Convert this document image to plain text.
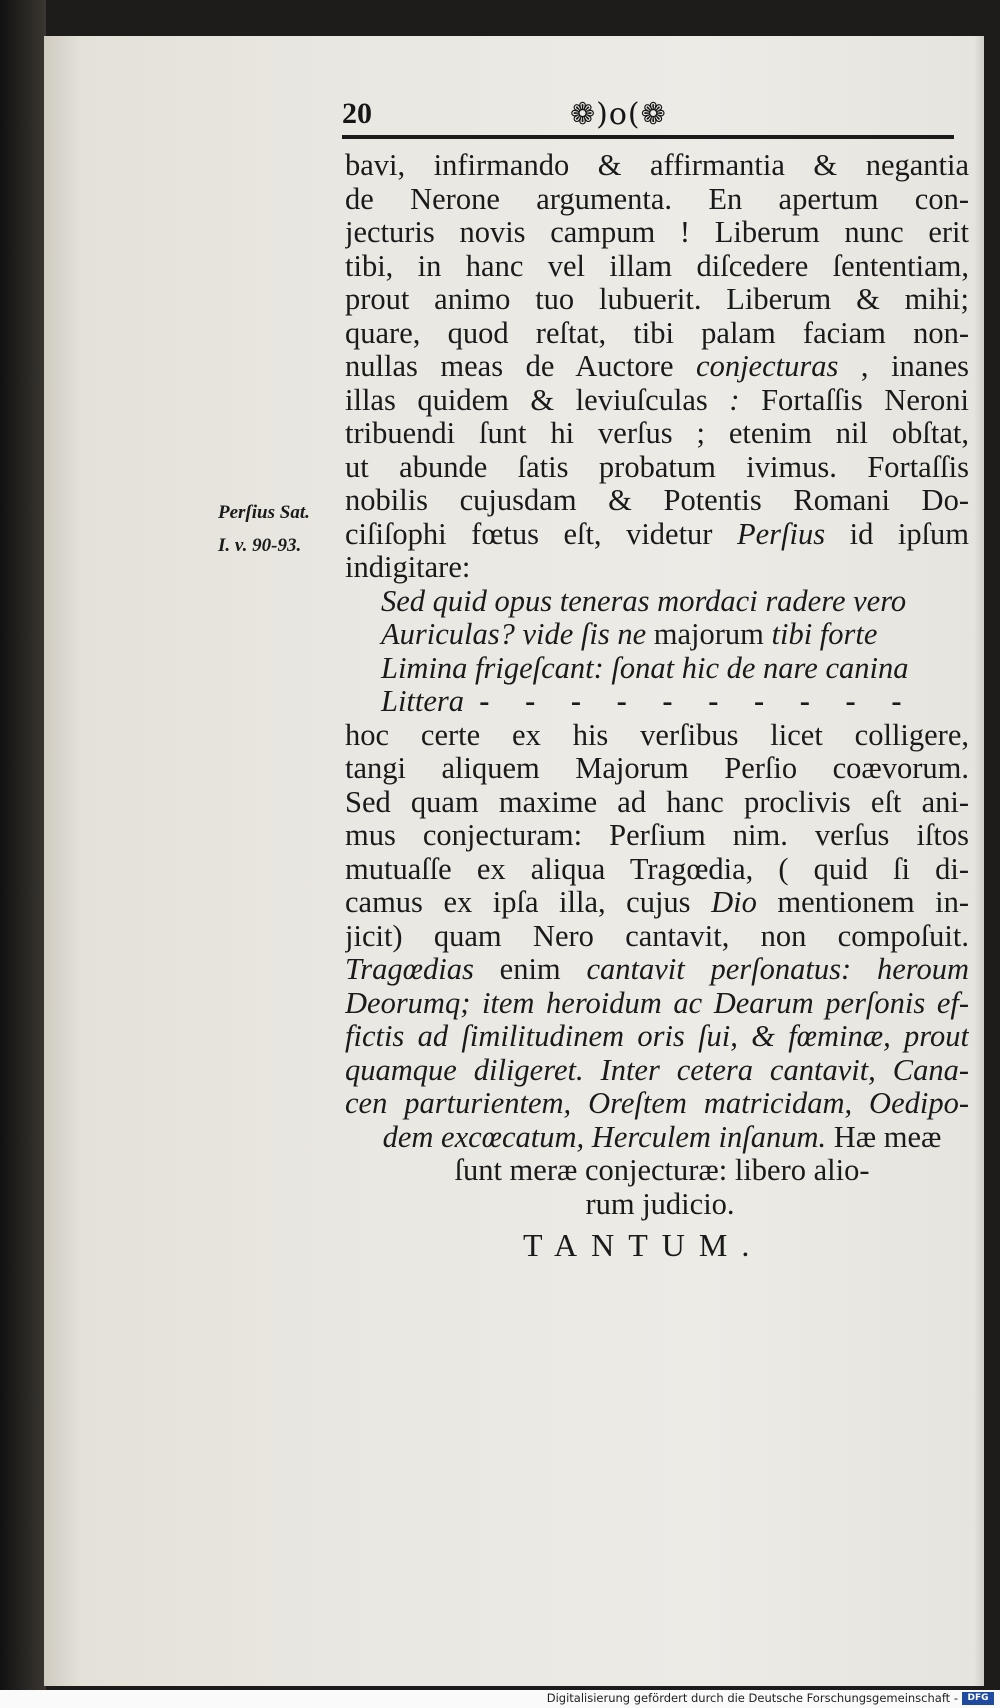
20	❁)o(❁
Perſius Sat.
I. v. 90-93.
bavi, infirmando & affirmantia & negantia
de Nerone argumenta. En apertum con-
jecturis novis campum ! Liberum nunc erit
tibi, in hanc vel illam diſcedere ſententiam,
prout animo tuo lubuerit. Liberum & mihi;
quare, quod reſtat, tibi palam faciam non-
nullas meas de Auctore conjecturas , inanes
illas quidem & leviuſculas : Fortaſſis Neroni
tribuendi ſunt hi verſus ; etenim nil obſtat,
ut abunde ſatis probatum ivimus. Fortaſſis
nobilis cujusdam & Potentis Romani Do-
ciſiſophi fœtus eſt, videtur Perſius id ipſum
indigitare:
Sed quid opus teneras mordaci radere vero
Auriculas? vide ſis ne majorum tibi forte
Limina frigeſcant: ſonat hic de nare canina
Littera - - - - - - - - - -
hoc certe ex his verſibus licet colligere,
tangi aliquem Majorum Perſio coævorum.
Sed quam maxime ad hanc proclivis eſt ani-
mus conjecturam: Perſium nim. verſus iſtos
mutuaſſe ex aliqua Tragœdia, ( quid ſi di-
camus ex ipſa illa, cujus Dio mentionem in-
jicit) quam Nero cantavit, non compoſuit.
Tragœdias enim cantavit perſonatus: heroum
Deorumq; item heroidum ac Dearum perſonis ef-
fictis ad ſimilitudinem oris ſui, & fœminæ, prout
quamque diligeret. Inter cetera cantavit, Cana-
cen parturientem, Oreſtem matricidam, Oedipo-
dem excœcatum, Herculem inſanum. Hæ meæ
ſunt meræ conjecturæ: libero alio-
rum judicio.
TANTUM.
Digitalisierung gefördert durch die Deutsche Forschungsgemeinschaft -	DFG
